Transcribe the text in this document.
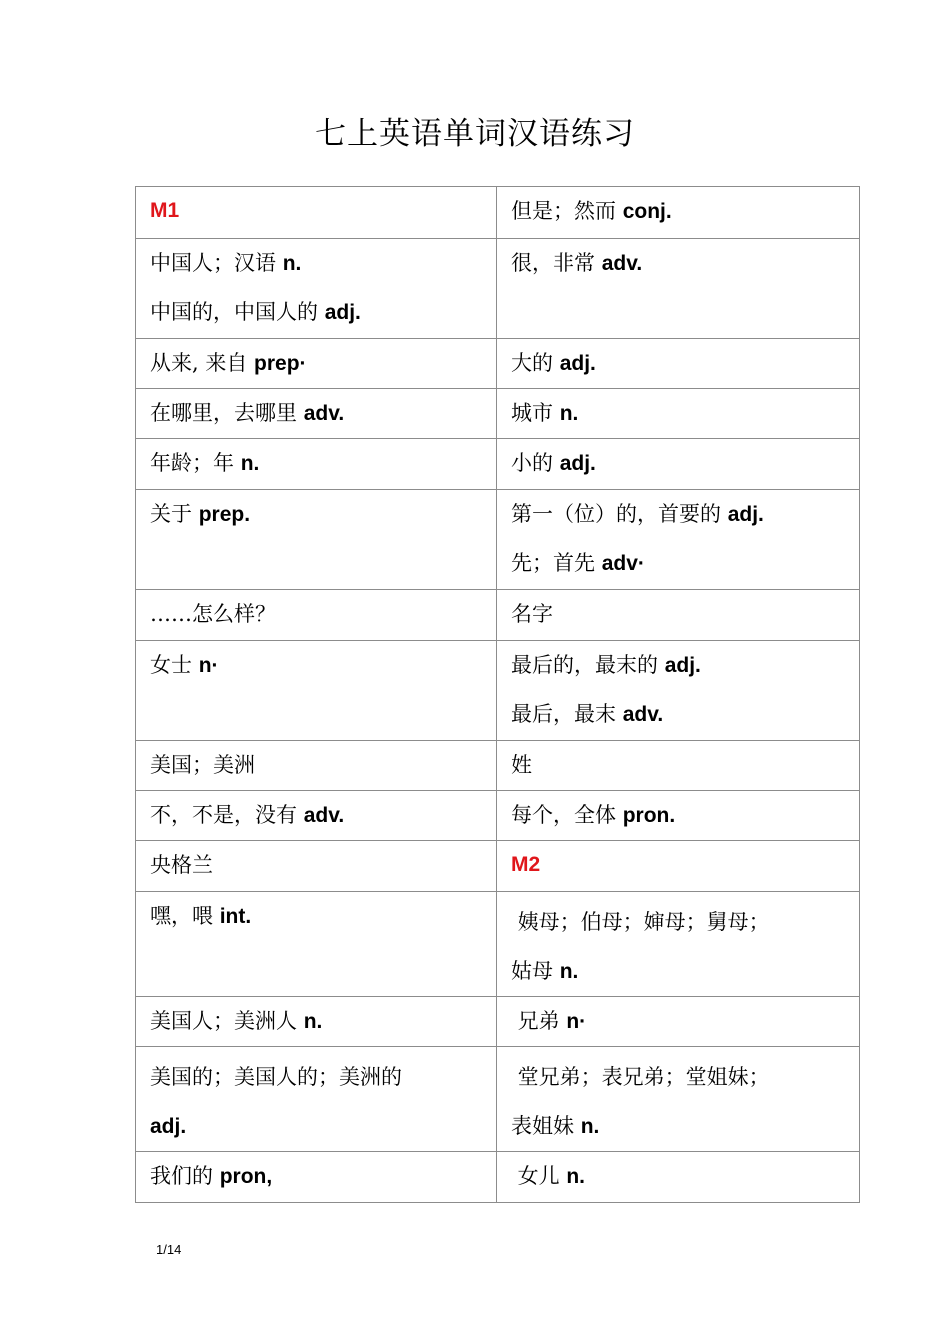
七上英语单词汉语练习
M1	但是；然而 conj.

中国人；汉语 n.
中国的，中国人的 adj.	很，非常 adv.

从来, 来自 prep·	大的 adj.

在哪里，去哪里 adv.	城市 n.

年龄；年 n.	小的 adj.

关于 prep.	第一（位）的，首要的 adj.
先；首先 adv·

……怎么样？	名字

女士 n·	最后的，最末的 adj.
最后，最末 adv.

美国；美洲	姓

不，不是，没有 adv.	每个，全体 pron.

央格兰	M2

嘿，喂 int.	姨母；伯母；婶母；舅母；
姑母 n.

美国人；美洲人 n.	兄弟 n·

美国的；美国人的；美洲的
adj.	堂兄弟；表兄弟；堂姐妹；
表姐妹 n.

我们的 pron,	女儿 n.
1/14
